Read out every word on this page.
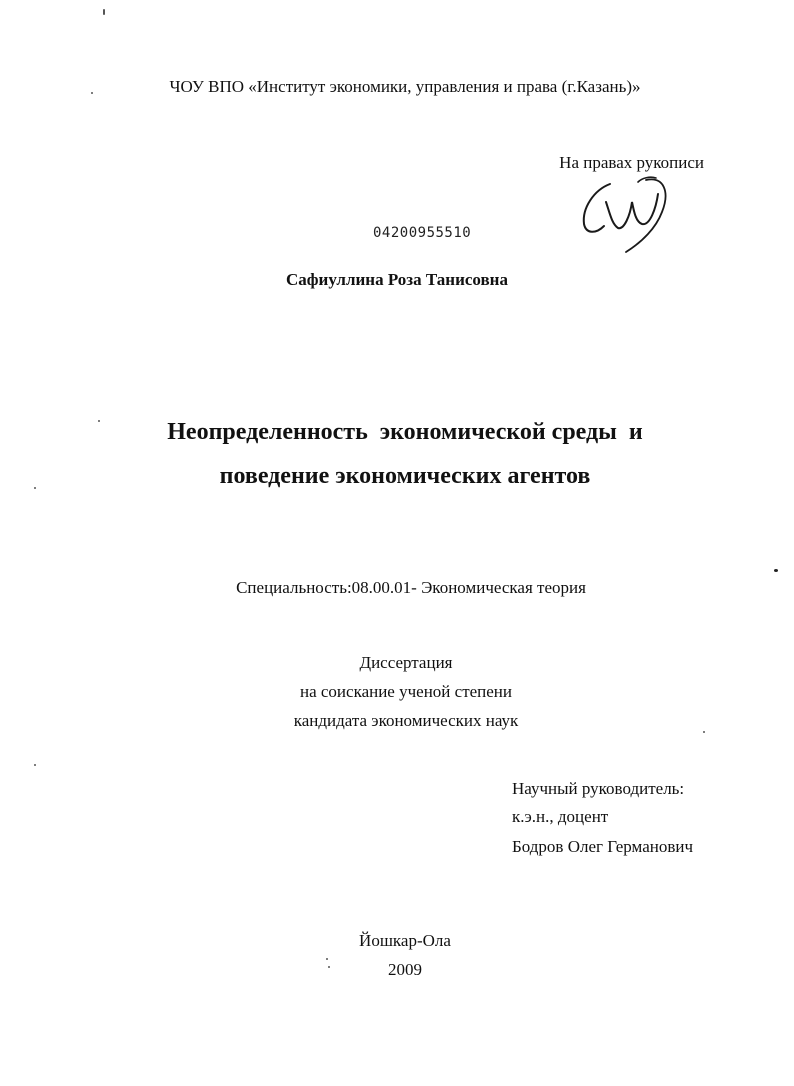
ЧОУ ВПО «Институт экономики, управления и права (г.Казань)»
На правах рукописи
04200955510
Сафиуллина Роза Танисовна
Неопределенность  экономической среды  и
поведение экономических агентов
Специальность:08.00.01- Экономическая теория
Диссертация
на соискание ученой степени
кандидата экономических наук
Научный руководитель:
к.э.н., доцент
Бодров Олег Германович
Йошкар-Ола
2009
